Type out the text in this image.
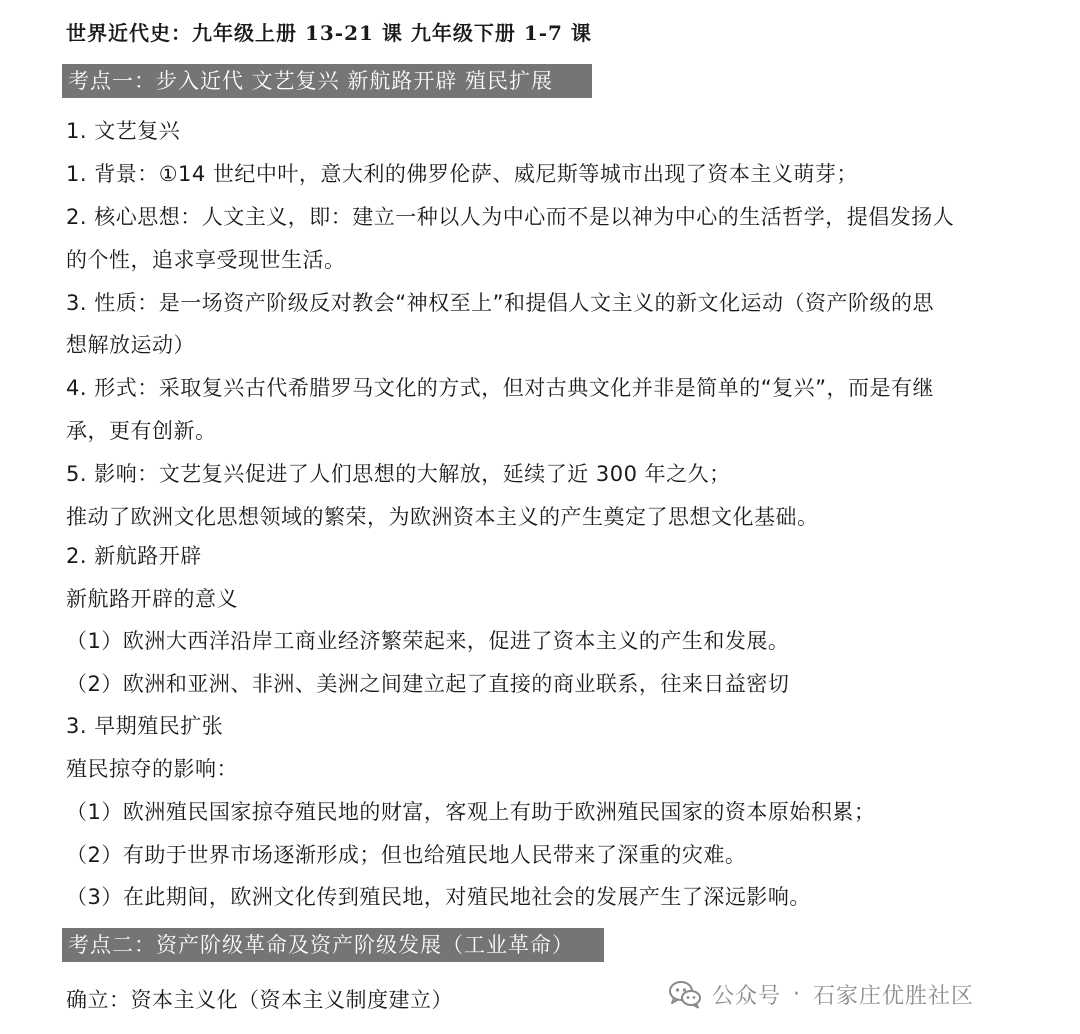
世界近代史：九年级上册 13-21 课 九年级下册 1-7 课
考点一：步入近代 文艺复兴 新航路开辟 殖民扩展
1. 文艺复兴
1. 背景：①14 世纪中叶，意大利的佛罗伦萨、威尼斯等城市出现了资本主义萌芽；
2. 核心思想：人文主义，即：建立一种以人为中心而不是以神为中心的生活哲学，提倡发扬人
的个性，追求享受现世生活。
3. 性质：是一场资产阶级反对教会“神权至上”和提倡人文主义的新文化运动（资产阶级的思
想解放运动）
4. 形式：采取复兴古代希腊罗马文化的方式，但对古典文化并非是简单的“复兴”，而是有继
承，更有创新。
5. 影响：文艺复兴促进了人们思想的大解放，延续了近 300 年之久；
推动了欧洲文化思想领域的繁荣，为欧洲资本主义的产生奠定了思想文化基础。
2. 新航路开辟
新航路开辟的意义
（1）欧洲大西洋沿岸工商业经济繁荣起来，促进了资本主义的产生和发展。
（2）欧洲和亚洲、非洲、美洲之间建立起了直接的商业联系，往来日益密切
3. 早期殖民扩张
殖民掠夺的影响：
（1）欧洲殖民国家掠夺殖民地的财富，客观上有助于欧洲殖民国家的资本原始积累；
（2）有助于世界市场逐渐形成；但也给殖民地人民带来了深重的灾难。
（3）在此期间，欧洲文化传到殖民地，对殖民地社会的发展产生了深远影响。
考点二：资产阶级革命及资产阶级发展（工业革命）
确立：资本主义化（资本主义制度建立）	公众号 · 石家庄优胜社区
